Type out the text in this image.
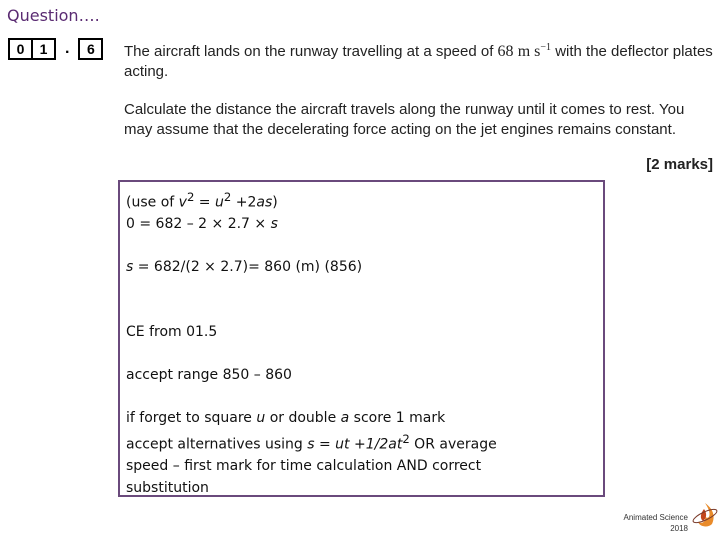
Question….
0	1	.	6	The aircraft lands on the runway travelling at a speed of 68 m $s^{-1}$ with the deflector plates acting.

Calculate the distance the aircraft travels along the runway until it comes to rest. You may assume that the decelerating force acting on the jet engines remains constant.

[2 marks]
(use of $v^2 = u^2 +2as$)
0 = 682 – 2 × 2.7 × s
s = 682/(2 × 2.7)= 860 (m) (856)
CE from 01.5
accept range 850 – 860
if forget to square u or double a score 1 mark
accept alternatives using s = ut $+1/2at^2$ OR average
speed – first mark for time calculation AND correct
substitution
Animated Science
2018
